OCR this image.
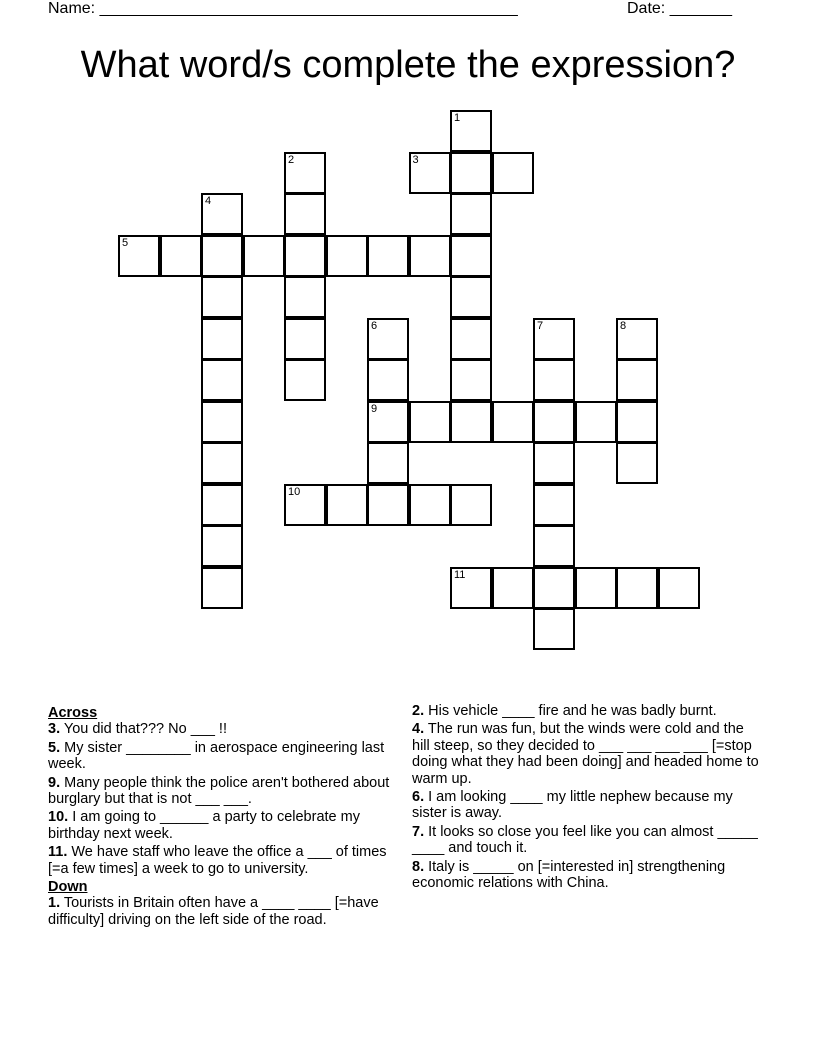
Name: _______________________________________________	Date: _______
What word/s complete the expression?
1
2	3
4
5
6
9
7	8
10
11
Across
3. You did that??? No ___ !!
5. My sister ________ in aerospace engineering last week.
9. Many people think the police aren't bothered about burglary but that is not ___ ___.
10. I am going to ______ a party to celebrate my birthday next week.
11. We have staff who leave the office a ___ of times [=a few times] a week to go to university.
Down
1. Tourists in Britain often have a ____ ____ [=have difficulty] driving on the left side of the road.
2. His vehicle ____ fire and he was badly burnt.
4. The run was fun, but the winds were cold and the hill steep, so they decided to ___ ___ ___ ___ [=stop doing what they had been doing] and headed home to warm up.
6. I am looking ____ my little nephew because my sister is away.
7. It looks so close you feel like you can almost _____ ____ and touch it.
8. Italy is _____ on [=interested in] strengthening economic relations with China.
